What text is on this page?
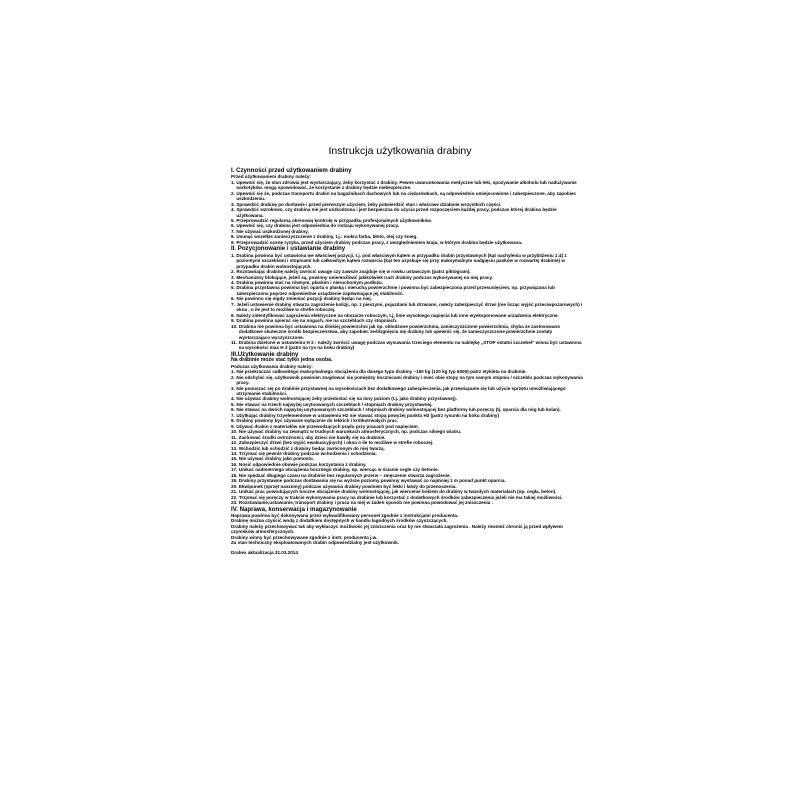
Instrukcja użytkowania drabiny
I. Czynności przed użytkowaniem drabiny
Przed użytkowaniem drabiny należy:
1. Upewnić się, że stan zdrowia jest wystarczający, żeby korzystać z drabiny. Pewne uwarunkowania medyczne lub leki, spożywanie alkoholu lub nadużywanie narkotyków. mogą spowodować, że korzystanie z drabiny będzie niebezpieczne.
2. Upewnić się że, podczas transportu drabin na bagażnikach dachowych lub na ciężarówkach, są odpowiednio umiejscowione i zabezpieczone, aby zapobiec uszkodzeniu.
3. Sprawdzić drabinę po dostawie i przed pierwszym użyciem, żeby potwierdzić stan i właściwe działanie wszystkich części.
4. Sprawdzić wzrokowo, czy drabina nie jest uszkodzona i jest bezpieczna do użycia przed rozpoczęciem każdej pracy, podczas której drabina będzie użytkowana.
5. Przeprowadzić regularną okresową kontrolę w przypadku profesjonalnych użytkowników.
6. Upewnić się, czy drabina jest odpowiednia do rodzaju wykonywanej pracy.
7. Nie używać uszkodzonej drabiny.
8. Usunąć wszelkie zanieczyszczenie z drabiny, t.j.: mokra farba, błoto, olej czy śnieg.
9. Przeprowadzić ocenę ryzyka, przed użyciem drabiny podczas pracy, z uwzględnieniem kraju, w którym drabina będzie użytkowana.
II. Pozycjonowanie i ustawianie drabiny
1. Drabina powinna być ustawiona we właściwej pozycji, t.j. pod właściwym kątem w przypadku drabin przystawnych (kąt nachylenia w przybliżeniu 1:4) z poziomymi szczeblami i stopniami lub całkowitym kątem rozwarcia (kąt ten uzyskuje się przy maksymalnym nadgięciu pasków w rozwartej drabinie) w przypadku drabin wolnostojących.
2. Rozstawiając drabinę należy zwrócić uwagę czy zawsze znajduje się w rowku ustawczym (patrz piktogram).
3. Mechanizmy blokujące, jeżeli są, powinny uniemożliwić jakikolwiek ruch drabiny podczas wykonywanej na niej pracy.
4. Drabina powinna stać na równym, płaskim i nieruchomym podłożu.
5. Drabina przystawna powinna być oparta o płaską i nieruchą powierzchnię i powinna być zabezpieczona przed przesunięciem, np. przywiązana lub zabezpieczona poprzez odpowiednie urządzenie zapewniające jej stabilność.
6. Nie powinno się nigdy zmieniać pozycji drabiny będąc na niej.
7. Jeżeli ustawienie drabiny stwarza zagrożenie kolizji, np. z pieszymi, pojazdami lub drzwiami, należy zabezpieczyć drzwi (nie licząc wyjść przeciwpożarowych) i okna , o ile jest to możliwe w strefie roboczej.
8. Należy zidentyfikować zagrożenia elektryczne na obszarze roboczym, t.j. linie wysokiego napięcia lub inne wyeksponowane urządzenia elektryczne.
9. Drabina powinna opierać się na nogach, nie na szczeblach czy stopniach.
10. Drabina nie powinna być ustawiona na śliskiej powierzchni jak np. oblodzone powierzchnia, zanieczyszczone powierzchnia, chyba że zastosowano dodatkowe skuteczne środki bezpieczeństwa, aby zapobiec ześlizgnięciu się drabiny lub upewnić się, że zanieczyszczone powierzchnie zostały wystarczająco wyczyszczone.
11. Drabina dzielone w ustawieniu H 2 : należy zwrócić uwagę podczas wysuwania trzeciego elementu na naklejkę „STOP ostatni szczebel” winna być ustawiona na wysokości max H 3 (patrz na rys na boku drabiny)
III.Użytkowanie drabiny
Na drabinie może stać tylko jedna osoba.
Podczas użytkowania drabiny należy:
1. Nie przekraczać całkowitego maksymalnego obciążenia dla danego typu drabiny –150 kg (120 kg typ 6000)-patrz etykieta na drabinie.
2. Nie odchylać się, użytkownik powinien znajdować się pomiędzy bocznicami drabiny i mieć obie stopy na tym samym stopniu / szczeblu podczas wykonywania pracy.
3. Nie ponuszać się po drabinie przystawnej na wysokościach bez dodatkowego zabezpieczenia, jak przewiązanie się lub użycie sprzętu umożliwiającego utrzymanie stabilności.
4. Nie używać drabiny wolnostojącej żeby przedostać się na inny poziom (t.j. jako drabiny przystawnej).
5. Nie stawać na trzech najwyżej usytuowanych szczeblach / stopniach drabiny przystawnej.
6. Nie stawać na dwóch najwyżej usytuowanych szczeblach / stopniach drabiny wolnostojącej bez platformy lub poręczy (tj. oparcia dla nóg lub kolan).
7. Użytkując drabiny trzyelementowe w ustawieniu H2 nie stawać stopą powyżej punktu H3 (patrz rysunki na boku drabiny)
8. Drabiny powinny być używane wyłącznie do lekkich i krótkotrwałych prac.
9. Używać drabin z materiałów nie przewodzących prądu przy pracach pod napięciem.
10. Nie używać drabiny na zewnątrz w trudnych warunkach atmosferycznych, np. podczas silnego wiatru.
11. Zachować środki ostrożności, aby dzieci nie bawiły się na drabinie.
12. Zabezpieczyć drzwi (bez wyjść ewakuacyjnych) i okna o ile to możliwe w strefie roboczej.
13. Wchodzić lub schodzić z drabiny będąc zwróconym do niej twarzą.
14. Trzymać się pewnie drabiny podczas wchodzenia i schodzenia.
15. Nie używać drabiny jako pomostu.
16. Nosić odpowiednie obuwie podczas korzystania z drabiny.
17. Unikać nadmiernego obciążenia bocznego drabiny, np. wiercąc w ścianie cegle czy betonie.
18. Nie spędzać długiego czasu na drabinie bez regularnych przerw – zmęczenie stwarza zagrożenie.
19. Drabiny przystawne podczas dostawania się na wyższe poziomy powinny wystawać co najmniej 1 m ponad punkt oparcia.
20. Ekwipunek (sprzęt naszomy) podczas używania drabiny powinien być lekki i łatwy do przenoszenia.
21. Unikać prac powodujących boczne obciążenie drabiny wolnostojącej, jak wiercenie bokiem do drabiny w twardych materiałach (np. cegła, beton).
22. Trzymać się poręczy w trakcie wykonywania pracy na drabinie lub korzystać z dodatkowych środków zabezpieczenia jeżeli nie ma takiej możliwości.
23. Rozstawianie,ustawianie, transport drabiny i praca na niej w żaden sposób nie powinna powodować jej zniszczenia .
IV. Naprawa, konserwacja i magazynowanie
Naprawa powinna być dokonywana przez wykwalifikowany personel zgodnie z instrukcjami producenta.
Drabinę można czyścić wodą z dodatkiem dostępnych w handlu łagodnych środków czyszczących.
Drabiny należy przechowywać tak aby wykluczyć możliwość jej zniszczenia oraz by nie stwarzała zagrożenia . Należy również chronić ją przed wpływem czynników atmosferycznych.
Drabiny winny być przechowywane zgodnie z instr. producenta j.w.
Za stan techniczny eksploatowanych drabin odpowiedzialny jest użytkownik.
Drabex aktualizacja 31.03.2014
